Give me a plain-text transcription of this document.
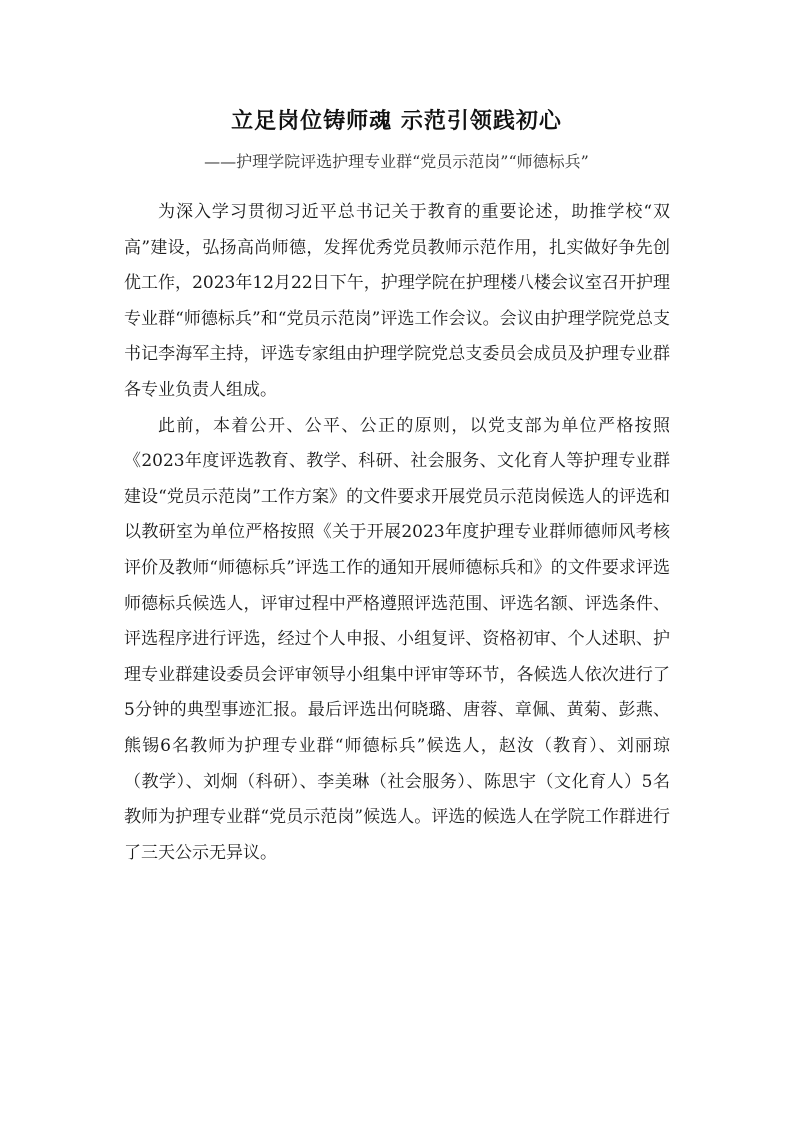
立足岗位铸师魂 示范引领践初心

——护理学院评选护理专业群“党员示范岗”“师德标兵”

为深入学习贯彻习近平总书记关于教育的重要论述，助推学校“双高”建设，弘扬高尚师德，发挥优秀党员教师示范作用，扎实做好争先创优工作，2023年12月22日下午，护理学院在护理楼八楼会议室召开护理专业群“师德标兵”和“党员示范岗”评选工作会议。会议由护理学院党总支书记李海军主持，评选专家组由护理学院党总支委员会成员及护理专业群各专业负责人组成。

此前，本着公开、公平、公正的原则，以党支部为单位严格按照《2023年度评选教育、教学、科研、社会服务、文化育人等护理专业群建设“党员示范岗”工作方案》的文件要求开展党员示范岗候选人的评选和以教研室为单位严格按照《关于开展2023年度护理专业群师德师风考核评价及教师“师德标兵”评选工作的通知开展师德标兵和》的文件要求评选师德标兵候选人，评审过程中严格遵照评选范围、评选名额、评选条件、评选程序进行评选，经过个人申报、小组复评、资格初审、个人述职、护理专业群建设委员会评审领导小组集中评审等环节，各候选人依次进行了5分钟的典型事迹汇报。最后评选出何晓璐、唐蓉、章佩、黄菊、彭燕、熊锡6名教师为护理专业群“师德标兵”候选人，赵汝（教育）、刘丽琼（教学）、刘炯（科研）、李美琳（社会服务）、陈思宇（文化育人）5名教师为护理专业群“党员示范岗”候选人。评选的候选人在学院工作群进行了三天公示无异议。
